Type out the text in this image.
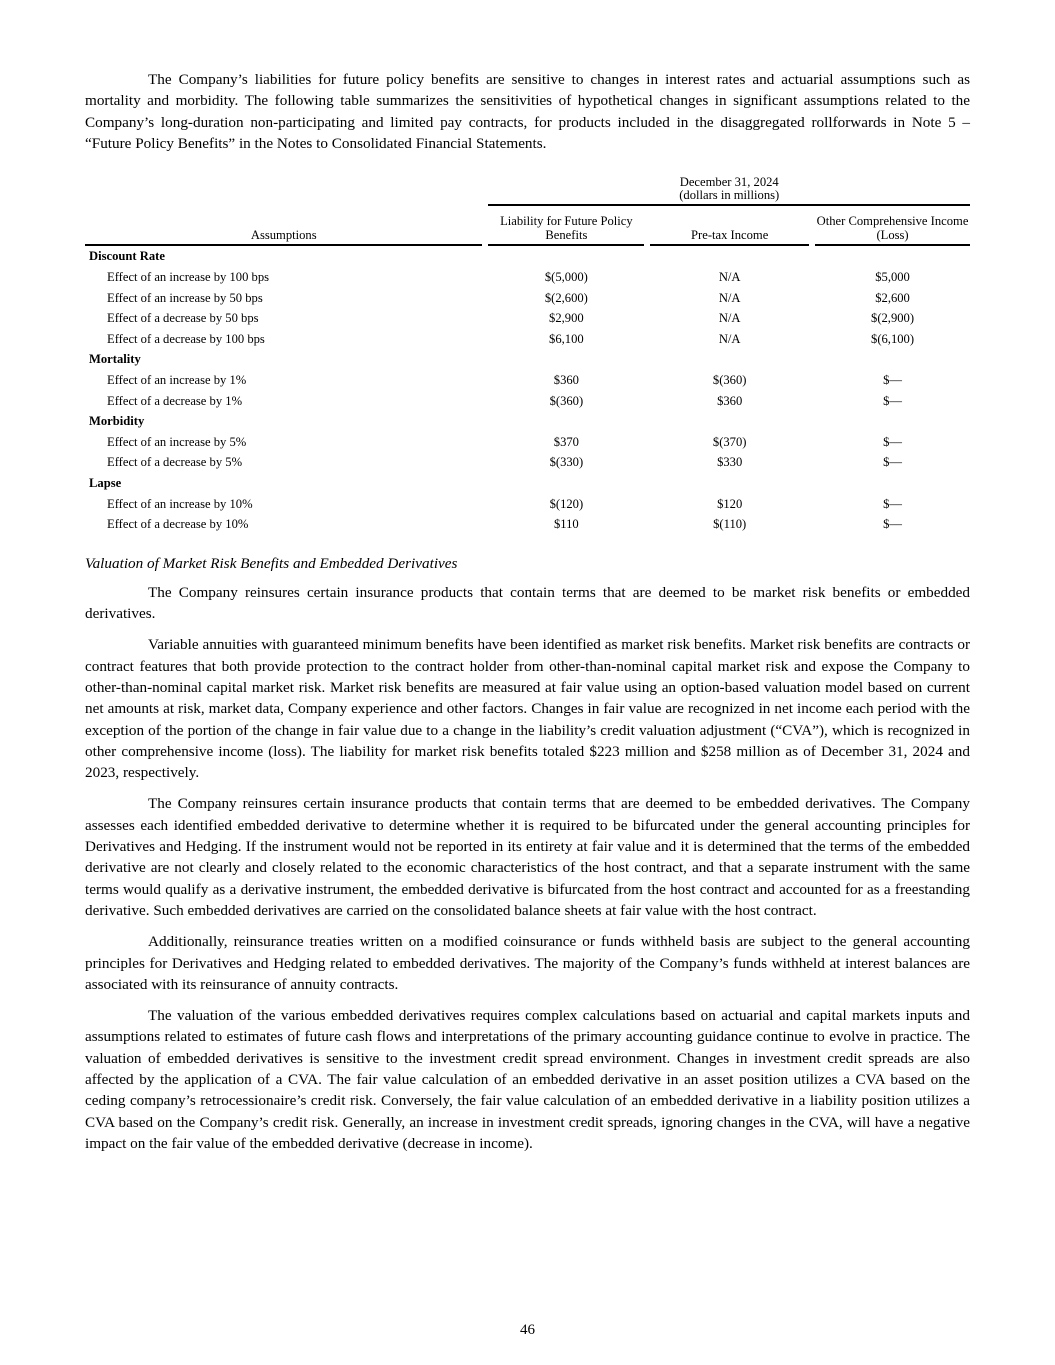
The Company’s liabilities for future policy benefits are sensitive to changes in interest rates and actuarial assumptions such as mortality and morbidity. The following table summarizes the sensitivities of hypothetical changes in significant assumptions related to the Company’s long-duration non-participating and limited pay contracts, for products included in the disaggregated rollforwards in Note 5 – “Future Policy Benefits” in the Notes to Consolidated Financial Statements.

	December 31, 2024
(dollars in millions)		
Assumptions	Liability for Future Policy Benefits	Pre-tax Income	Other Comprehensive Income (Loss)
Discount Rate			
Effect of an increase by 100 bps	$(5,000)	N/A	$5,000
Effect of an increase by 50 bps	$(2,600)	N/A	$2,600
Effect of a decrease by 50 bps	$2,900	N/A	$(2,900)
Effect of a decrease by 100 bps	$6,100	N/A	$(6,100)
Mortality			
Effect of an increase by 1%	$360	$(360)	$—
Effect of a decrease by 1%	$(360)	$360	$—
Morbidity			
Effect of an increase by 5%	$370	$(370)	$—
Effect of a decrease by 5%	$(330)	$330	$—
Lapse			
Effect of an increase by 10%	$(120)	$120	$—
Effect of a decrease by 10%	$110	$(110)	$—

Valuation of Market Risk Benefits and Embedded Derivatives

The Company reinsures certain insurance products that contain terms that are deemed to be market risk benefits or embedded derivatives.

Variable annuities with guaranteed minimum benefits have been identified as market risk benefits. Market risk benefits are contracts or contract features that both provide protection to the contract holder from other-than-nominal capital market risk and expose the Company to other-than-nominal capital market risk. Market risk benefits are measured at fair value using an option-based valuation model based on current net amounts at risk, market data, Company experience and other factors. Changes in fair value are recognized in net income each period with the exception of the portion of the change in fair value due to a change in the liability’s credit valuation adjustment (“CVA”), which is recognized in other comprehensive income (loss). The liability for market risk benefits totaled $223 million and $258 million as of December 31, 2024 and 2023, respectively.

The Company reinsures certain insurance products that contain terms that are deemed to be embedded derivatives. The Company assesses each identified embedded derivative to determine whether it is required to be bifurcated under the general accounting principles for Derivatives and Hedging. If the instrument would not be reported in its entirety at fair value and it is determined that the terms of the embedded derivative are not clearly and closely related to the economic characteristics of the host contract, and that a separate instrument with the same terms would qualify as a derivative instrument, the embedded derivative is bifurcated from the host contract and accounted for as a freestanding derivative. Such embedded derivatives are carried on the consolidated balance sheets at fair value with the host contract.

Additionally, reinsurance treaties written on a modified coinsurance or funds withheld basis are subject to the general accounting principles for Derivatives and Hedging related to embedded derivatives. The majority of the Company’s funds withheld at interest balances are associated with its reinsurance of annuity contracts.

The valuation of the various embedded derivatives requires complex calculations based on actuarial and capital markets inputs and assumptions related to estimates of future cash flows and interpretations of the primary accounting guidance continue to evolve in practice. The valuation of embedded derivatives is sensitive to the investment credit spread environment. Changes in investment credit spreads are also affected by the application of a CVA. The fair value calculation of an embedded derivative in an asset position utilizes a CVA based on the ceding company’s retrocessionaire’s credit risk. Conversely, the fair value calculation of an embedded derivative in a liability position utilizes a CVA based on the Company’s credit risk. Generally, an increase in investment credit spreads, ignoring changes in the CVA, will have a negative impact on the fair value of the embedded derivative (decrease in income).

46
